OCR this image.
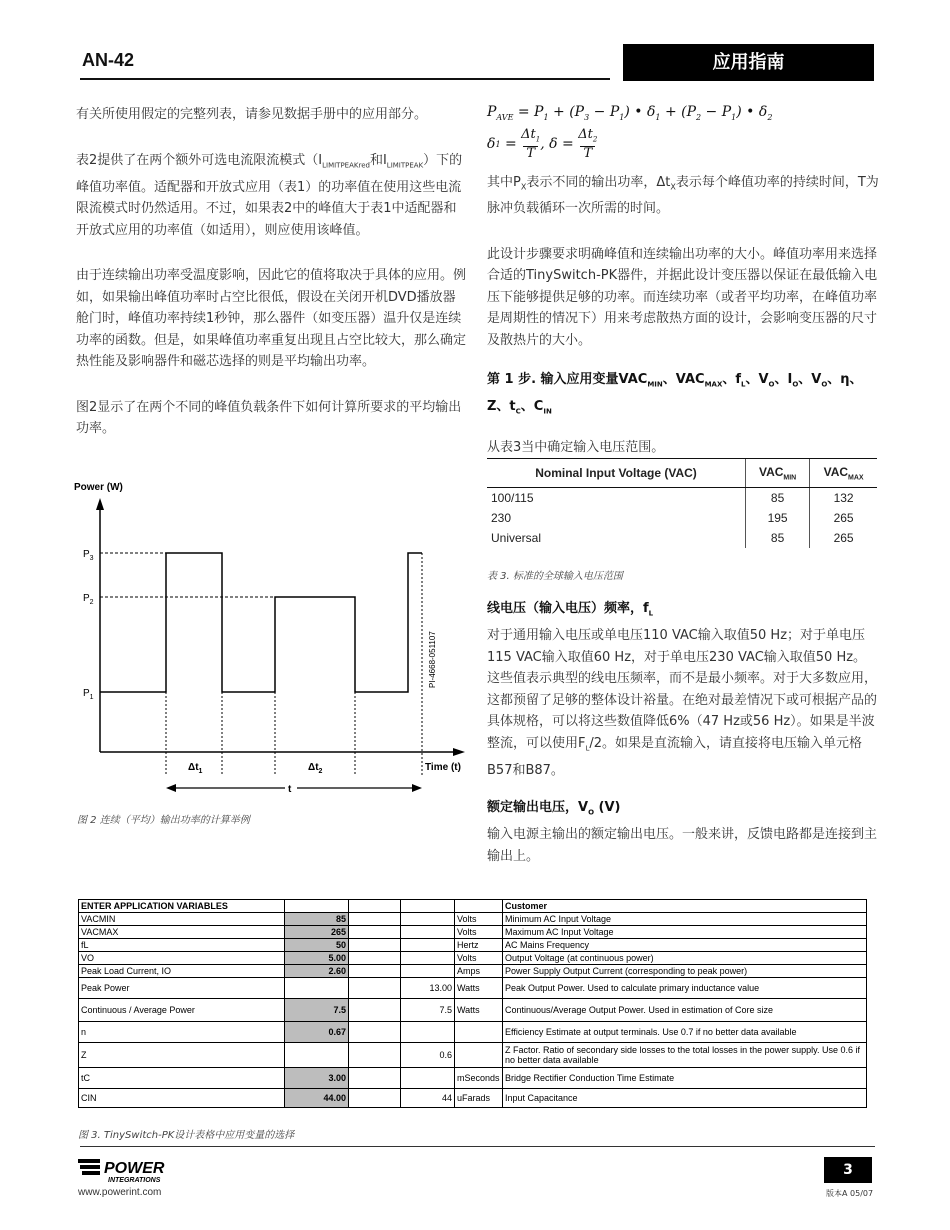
AN-42	应用指南

有关所使用假定的完整列表，请参见数据手册中的应用部分。

表2提供了在两个额外可选电流限流模式（$I_{LIMITPEAKred}$和$I_{LIMITPEAK}$）下的峰值功率值。适配器和开放式应用（表1）的功率值在使用这些电流限流模式时仍然适用。不过，如果表2中的峰值大于表1中适配器和开放式应用的功率值（如适用），则应使用该峰值。

由于连续输出功率受温度影响，因此它的值将取决于具体的应用。例如，如果输出峰值功率时占空比很低，假设在关闭开机DVD播放器舱门时，峰值功率持续1秒钟，那么器件（如变压器）温升仅是连续功率的函数。但是，如果峰值功率重复出现且占空比较大，那么确定热性能及影响器件和磁芯选择的则是平均输出功率。

图2显示了在两个不同的峰值负载条件下如何计算所要求的平均输出功率。

Power (W)
$P_3$
$P_2$
$P_1$
$\Delta t_1$	$\Delta t_2$	Time (t)
t
PI-4668-051107
图 2 连续（平均）输出功率的计算举例
$P_{AVE} = P_1 + (P_3 - P_1)$ • $\delta_1 + (P_2 - P_1)$ • $\delta_2$
δ 1 =
$\Delta t_1$
T
, δ =
$\Delta t_2$
T

其中$P_X$表示不同的输出功率，$\Delta t_X$表示每个峰值功率的持续时间，T为脉冲负载循环一次所需的时间。

此设计步骤要求明确峰值和连续输出功率的大小。峰值功率用来选择合适的TinySwitch-PK器件，并据此设计变压器以保证在最低输入电压下能够提供足够的功率。而连续功率（或者平均功率，在峰值功率是周期性的情况下）用来考虑散热方面的设计，会影响变压器的尺寸及散热片的大小。

第 1 步. 输入应用变量$VAC_{MIN}$、$VAC_{MAX}$、$f_L$、$V_O$、$I_O$、$V_O$、η、Z、$t_C$、$C_{IN}$

从表3当中确定输入电压范围。

Nominal Input Voltage (VAC)	$VAC_{MIN}$	$VAC_{MAX}$
100/115	85	132
230	195	265
Universal	85	265
表 3. 标准的全球输入电压范围
线电压（输入电压）频率，$f_L$

对于通用输入电压或单电压110 VAC输入取值50 Hz；对于单电压115 VAC输入取值60 Hz，对于单电压230 VAC输入取值50 Hz。这些值表示典型的线电压频率，而不是最小频率。对于大多数应用，这都预留了足够的整体设计裕量。在绝对最差情况下或可根据产品的具体规格，可以将这些数值降低6%（47 Hz或56 Hz）。如果是半波整流，可以使用$F_L/2$。如果是直流输入，请直接将电压输入单元格B57和B87。

额定输出电压，$V_O$ (V)

输入电源主输出的额定输出电压。一般来讲，反馈电路都是连接到主输出上。

ENTER APPLICATION VARIABLES					Customer
VACMIN	85			Volts	Minimum AC Input Voltage
VACMAX	265			Volts	Maximum AC Input Voltage
fL	50			Hertz	AC Mains Frequency
VO	5.00			Volts	Output Voltage (at continuous power)
Peak Load Current, IO	2.60			Amps	Power Supply Output Current (corresponding to peak power)
Peak Power			13.00	Watts	Peak Output Power. Used to calculate primary inductance value
Continuous / Average Power	7.5		7.5	Watts	Continuous/Average Output Power. Used in estimation of Core size
n	0.67				Efficiency Estimate at output terminals. Use 0.7 if no better data available
Z			0.6		Z Factor. Ratio of secondary side losses to the total losses in the power supply. Use 0.6 if no better data available
tC	3.00			mSeconds	Bridge Rectifier Conduction Time Estimate
CIN	44.00		44	uFarads	Input Capacitance
图 3. TinySwitch-PK设计表格中应用变量的选择
POWER
INTEGRATIONS
www.powerint.com
3
版本A 05/07
